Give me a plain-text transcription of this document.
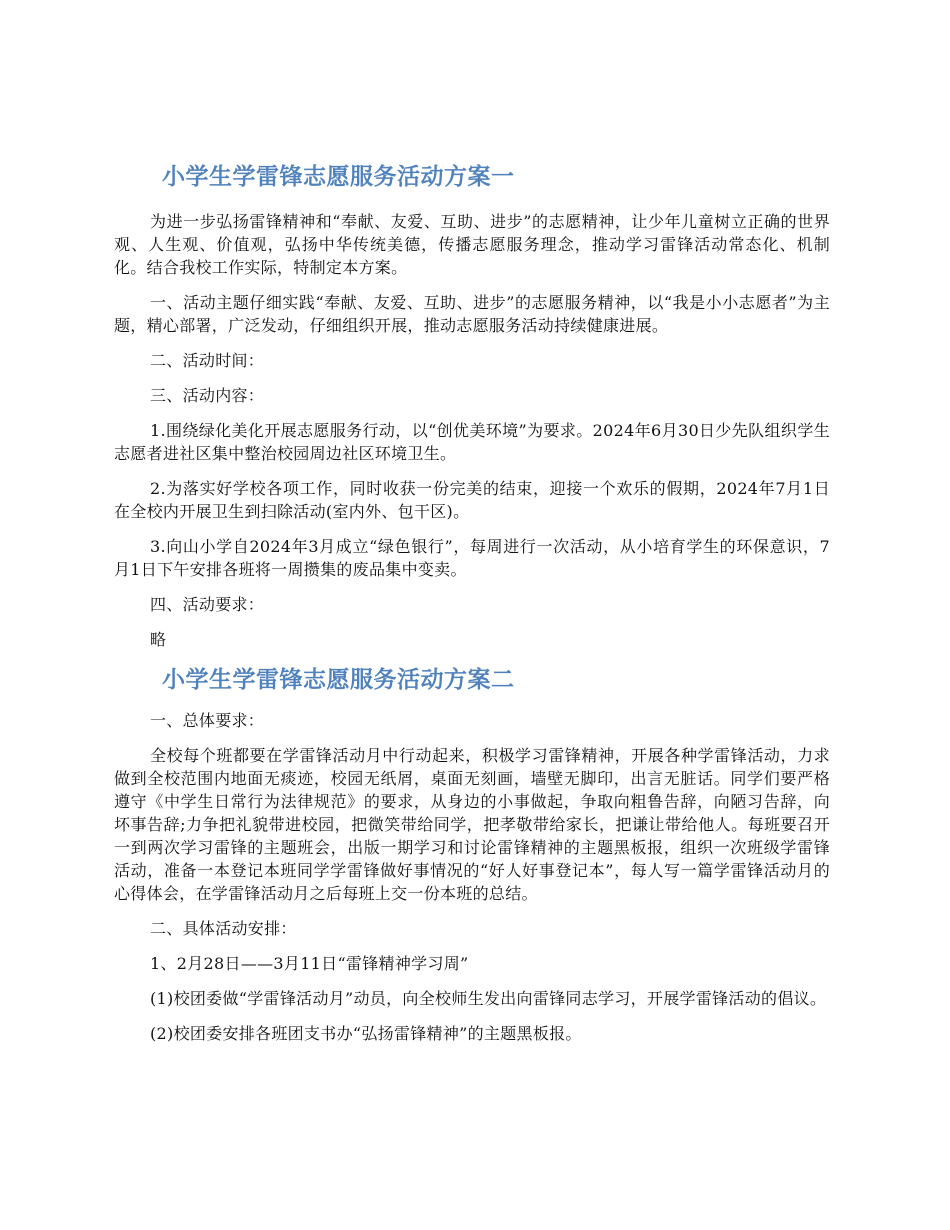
小学生学雷锋志愿服务活动方案一

为进一步弘扬雷锋精神和“奉献、友爱、互助、进步”的志愿精神，让少年儿童树立正确的世界观、人生观、价值观，弘扬中华传统美德，传播志愿服务理念，推动学习雷锋活动常态化、机制化。结合我校工作实际，特制定本方案。

一、活动主题仔细实践“奉献、友爱、互助、进步”的志愿服务精神，以“我是小小志愿者”为主题，精心部署，广泛发动，仔细组织开展，推动志愿服务活动持续健康进展。

二、活动时间：

三、活动内容：

1.围绕绿化美化开展志愿服务行动，以“创优美环境”为要求。2024年6月30日少先队组织学生志愿者进社区集中整治校园周边社区环境卫生。

2.为落实好学校各项工作，同时收获一份完美的结束，迎接一个欢乐的假期，2024年7月1日在全校内开展卫生到扫除活动(室内外、包干区)。

3.向山小学自2024年3月成立“绿色银行”，每周进行一次活动，从小培育学生的环保意识，7月1日下午安排各班将一周攒集的废品集中变卖。

四、活动要求：

略

小学生学雷锋志愿服务活动方案二

一、总体要求：

全校每个班都要在学雷锋活动月中行动起来，积极学习雷锋精神，开展各种学雷锋活动，力求做到全校范围内地面无痰迹，校园无纸屑，桌面无刻画，墙壁无脚印，出言无脏话。同学们要严格遵守《中学生日常行为法律规范》的要求，从身边的小事做起，争取向粗鲁告辞，向陋习告辞，向坏事告辞;力争把礼貌带进校园，把微笑带给同学，把孝敬带给家长，把谦让带给他人。每班要召开一到两次学习雷锋的主题班会，出版一期学习和讨论雷锋精神的主题黑板报，组织一次班级学雷锋活动，准备一本登记本班同学学雷锋做好事情况的“好人好事登记本”，每人写一篇学雷锋活动月的心得体会，在学雷锋活动月之后每班上交一份本班的总结。

二、具体活动安排：

1、2月28日——3月11日“雷锋精神学习周”

(1)校团委做“学雷锋活动月”动员，向全校师生发出向雷锋同志学习，开展学雷锋活动的倡议。

(2)校团委安排各班团支书办“弘扬雷锋精神”的主题黑板报。
